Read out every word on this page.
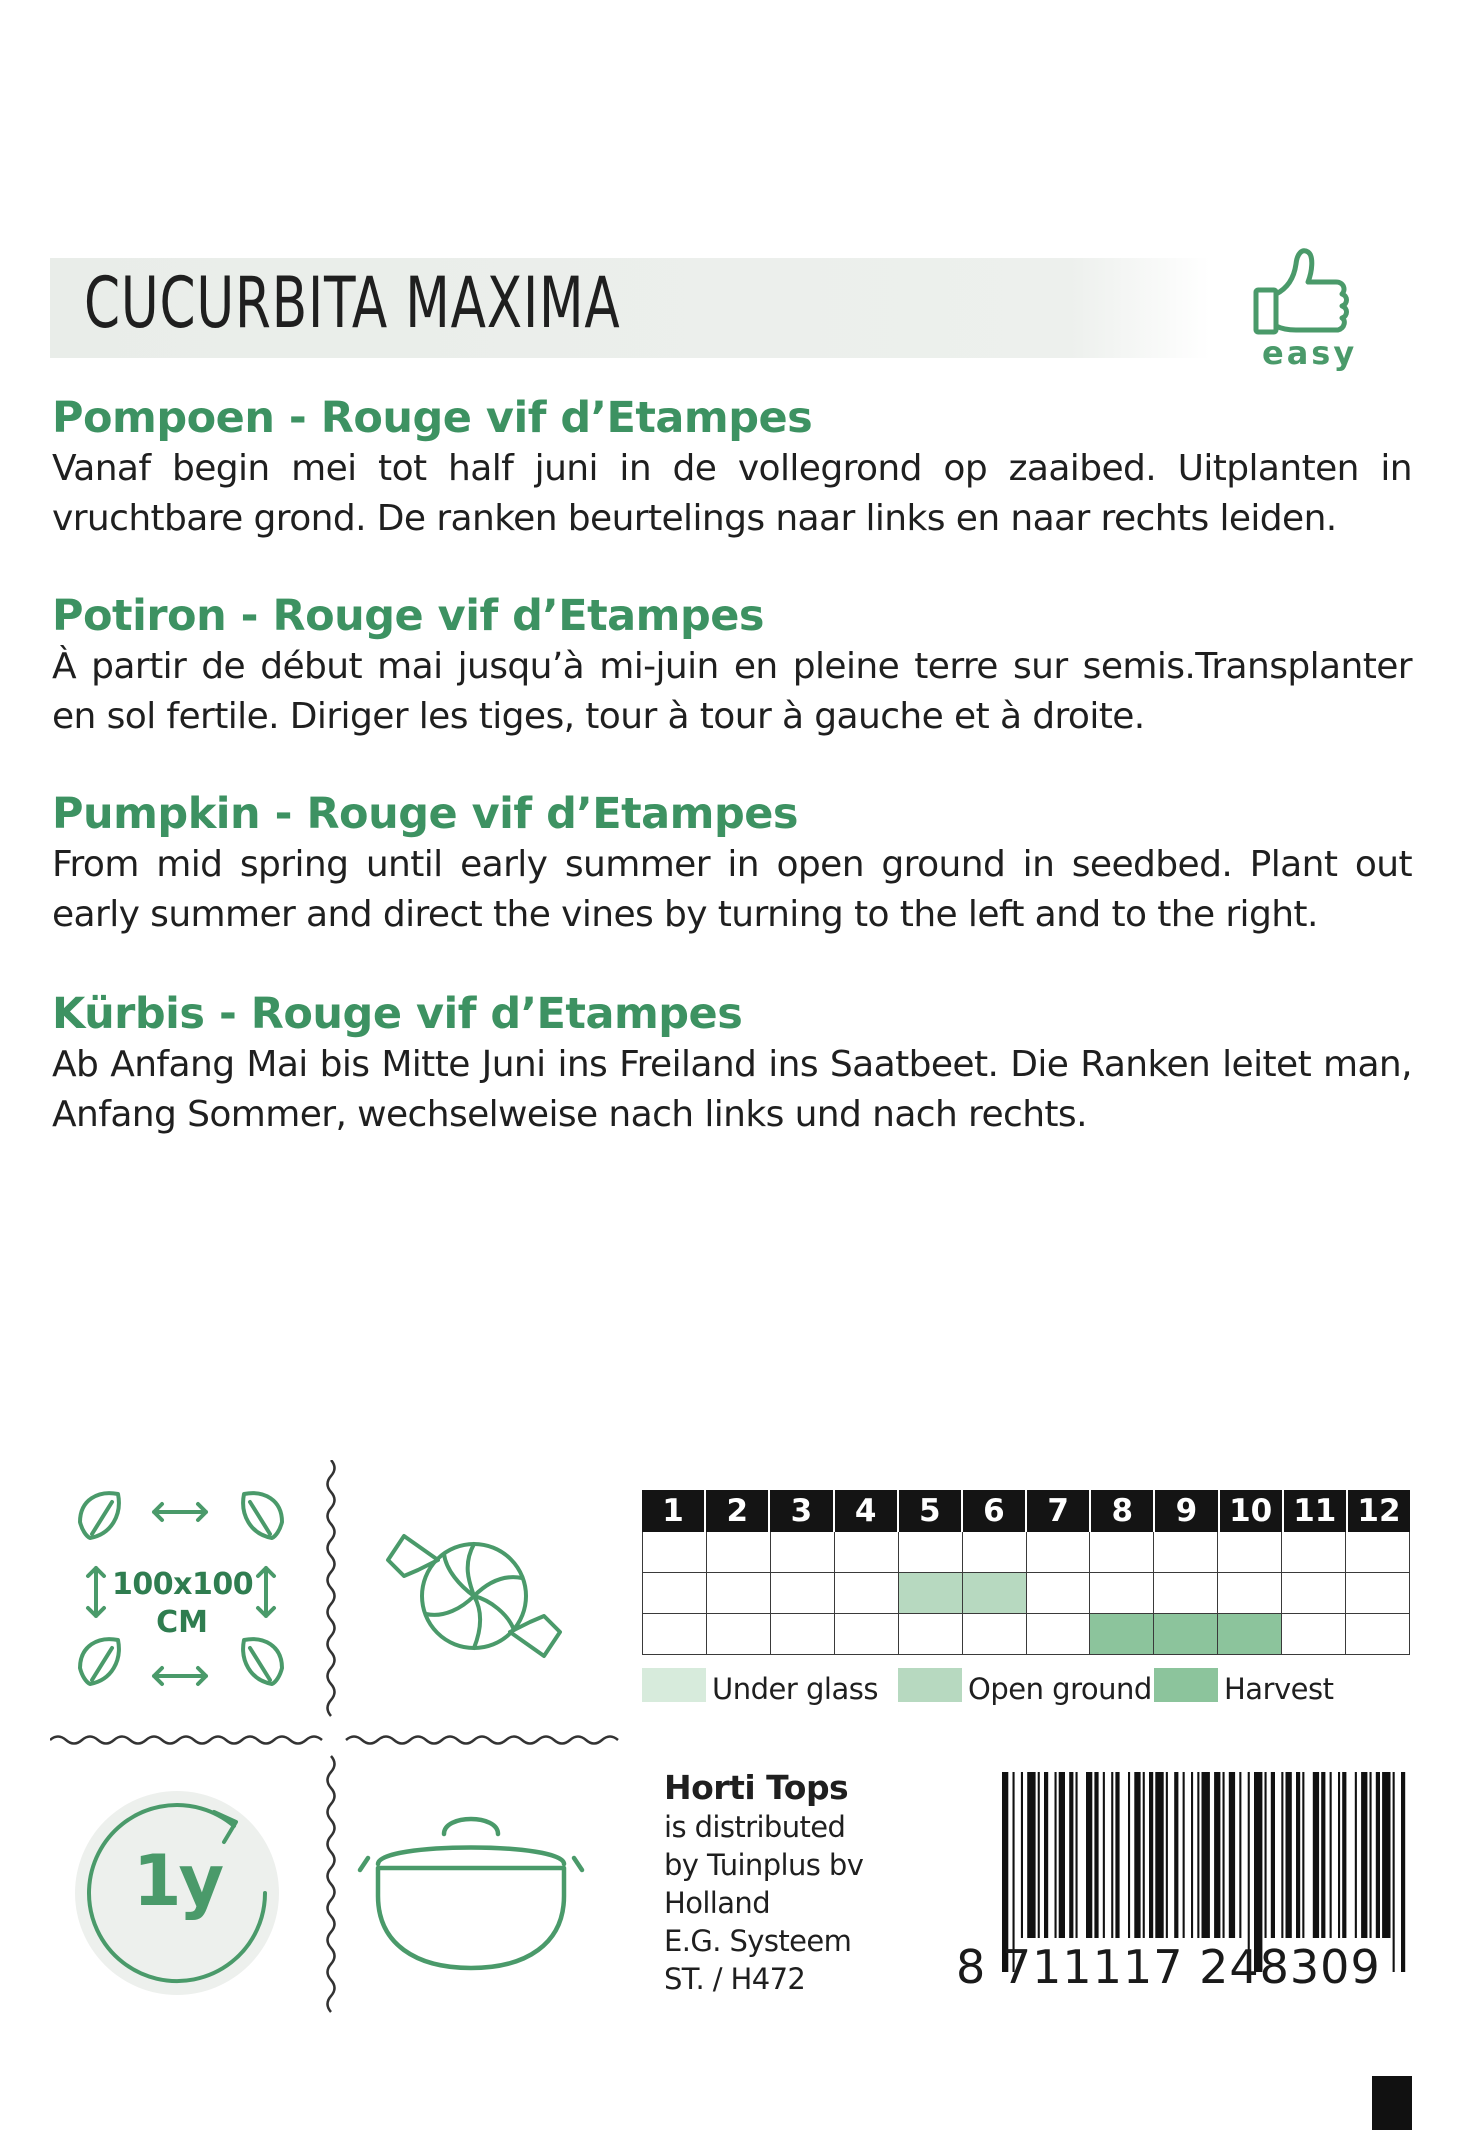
CUCURBITA MAXIMA
easy

Pompoen - Rouge vif d’Etampes

Vanaf begin mei tot half juni in de vollegrond op zaaibed. Uitplanten in vruchtbare grond. De ranken beurtelings naar links en naar rechts leiden.

Potiron - Rouge vif d’Etampes

À partir de début mai jusqu’à mi-juin en pleine terre sur semis.Transplanter en sol fertile. Diriger les tiges, tour à tour à gauche et à droite.

Pumpkin - Rouge vif d’Etampes

From mid spring until early summer in open ground in seedbed. Plant out early summer and direct the vines by turning to the left and to the right.

Kürbis - Rouge vif d’Etampes

Ab Anfang Mai bis Mitte Juni ins Freiland ins Saatbeet. Die Ranken leitet man, Anfang Sommer, wechselweise nach links und nach rechts.

100x100
CM
1y
1	2	3	4	5	6	7	8	9	10 11 12
Under glass	Open ground Harvest
Horti Tops
is distributed
by Tuinplus bv
Holland
E.G. Systeem
ST. / H472	8 711117 248309
